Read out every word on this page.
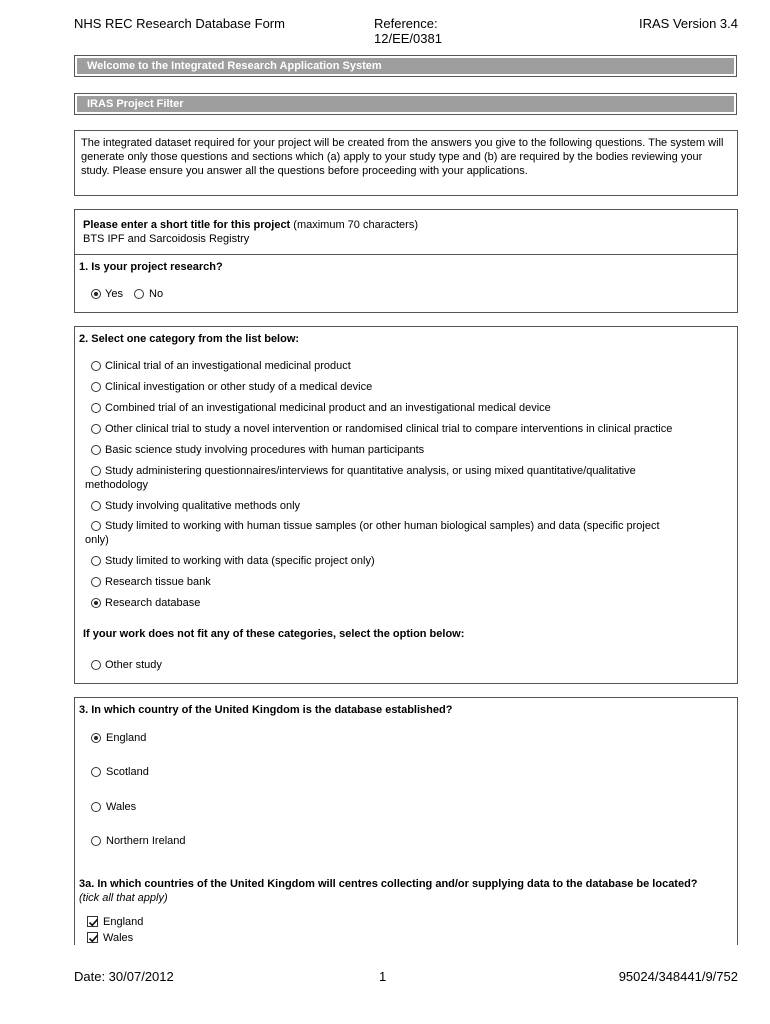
NHS REC Research Database Form	Reference:
12/EE/0381
IRAS Version 3.4
Welcome to the Integrated Research Application System
IRAS Project Filter
The integrated dataset required for your project will be created from the answers you give to the following questions. The system will generate only those questions and sections which (a) apply to your study type and (b) are required by the bodies reviewing your study. Please ensure you answer all the questions before proceeding with your applications.
Please enter a short title for this project (maximum 70 characters)
BTS IPF and Sarcoidosis Registry
1. Is your project research?
Yes No
2. Select one category from the list below:
Clinical trial of an investigational medicinal product
Clinical investigation or other study of a medical device
Combined trial of an investigational medicinal product and an investigational medical device
Other clinical trial to study a novel intervention or randomised clinical trial to compare interventions in clinical practice
Basic science study involving procedures with human participants
Study administering questionnaires/interviews for quantitative analysis, or using mixed quantitative/qualitative
methodology
Study involving qualitative methods only
Study limited to working with human tissue samples (or other human biological samples) and data (specific project
only)
Study limited to working with data (specific project only)
Research tissue bank
Research database
If your work does not fit any of these categories, select the option below:
Other study
3. In which country of the United Kingdom is the database established?
England
Scotland
Wales
Northern Ireland
3a. In which countries of the United Kingdom will centres collecting and/or supplying data to the database be located?
(tick all that apply)
England
Wales
Date: 30/07/2012	1	95024/348441/9/752
